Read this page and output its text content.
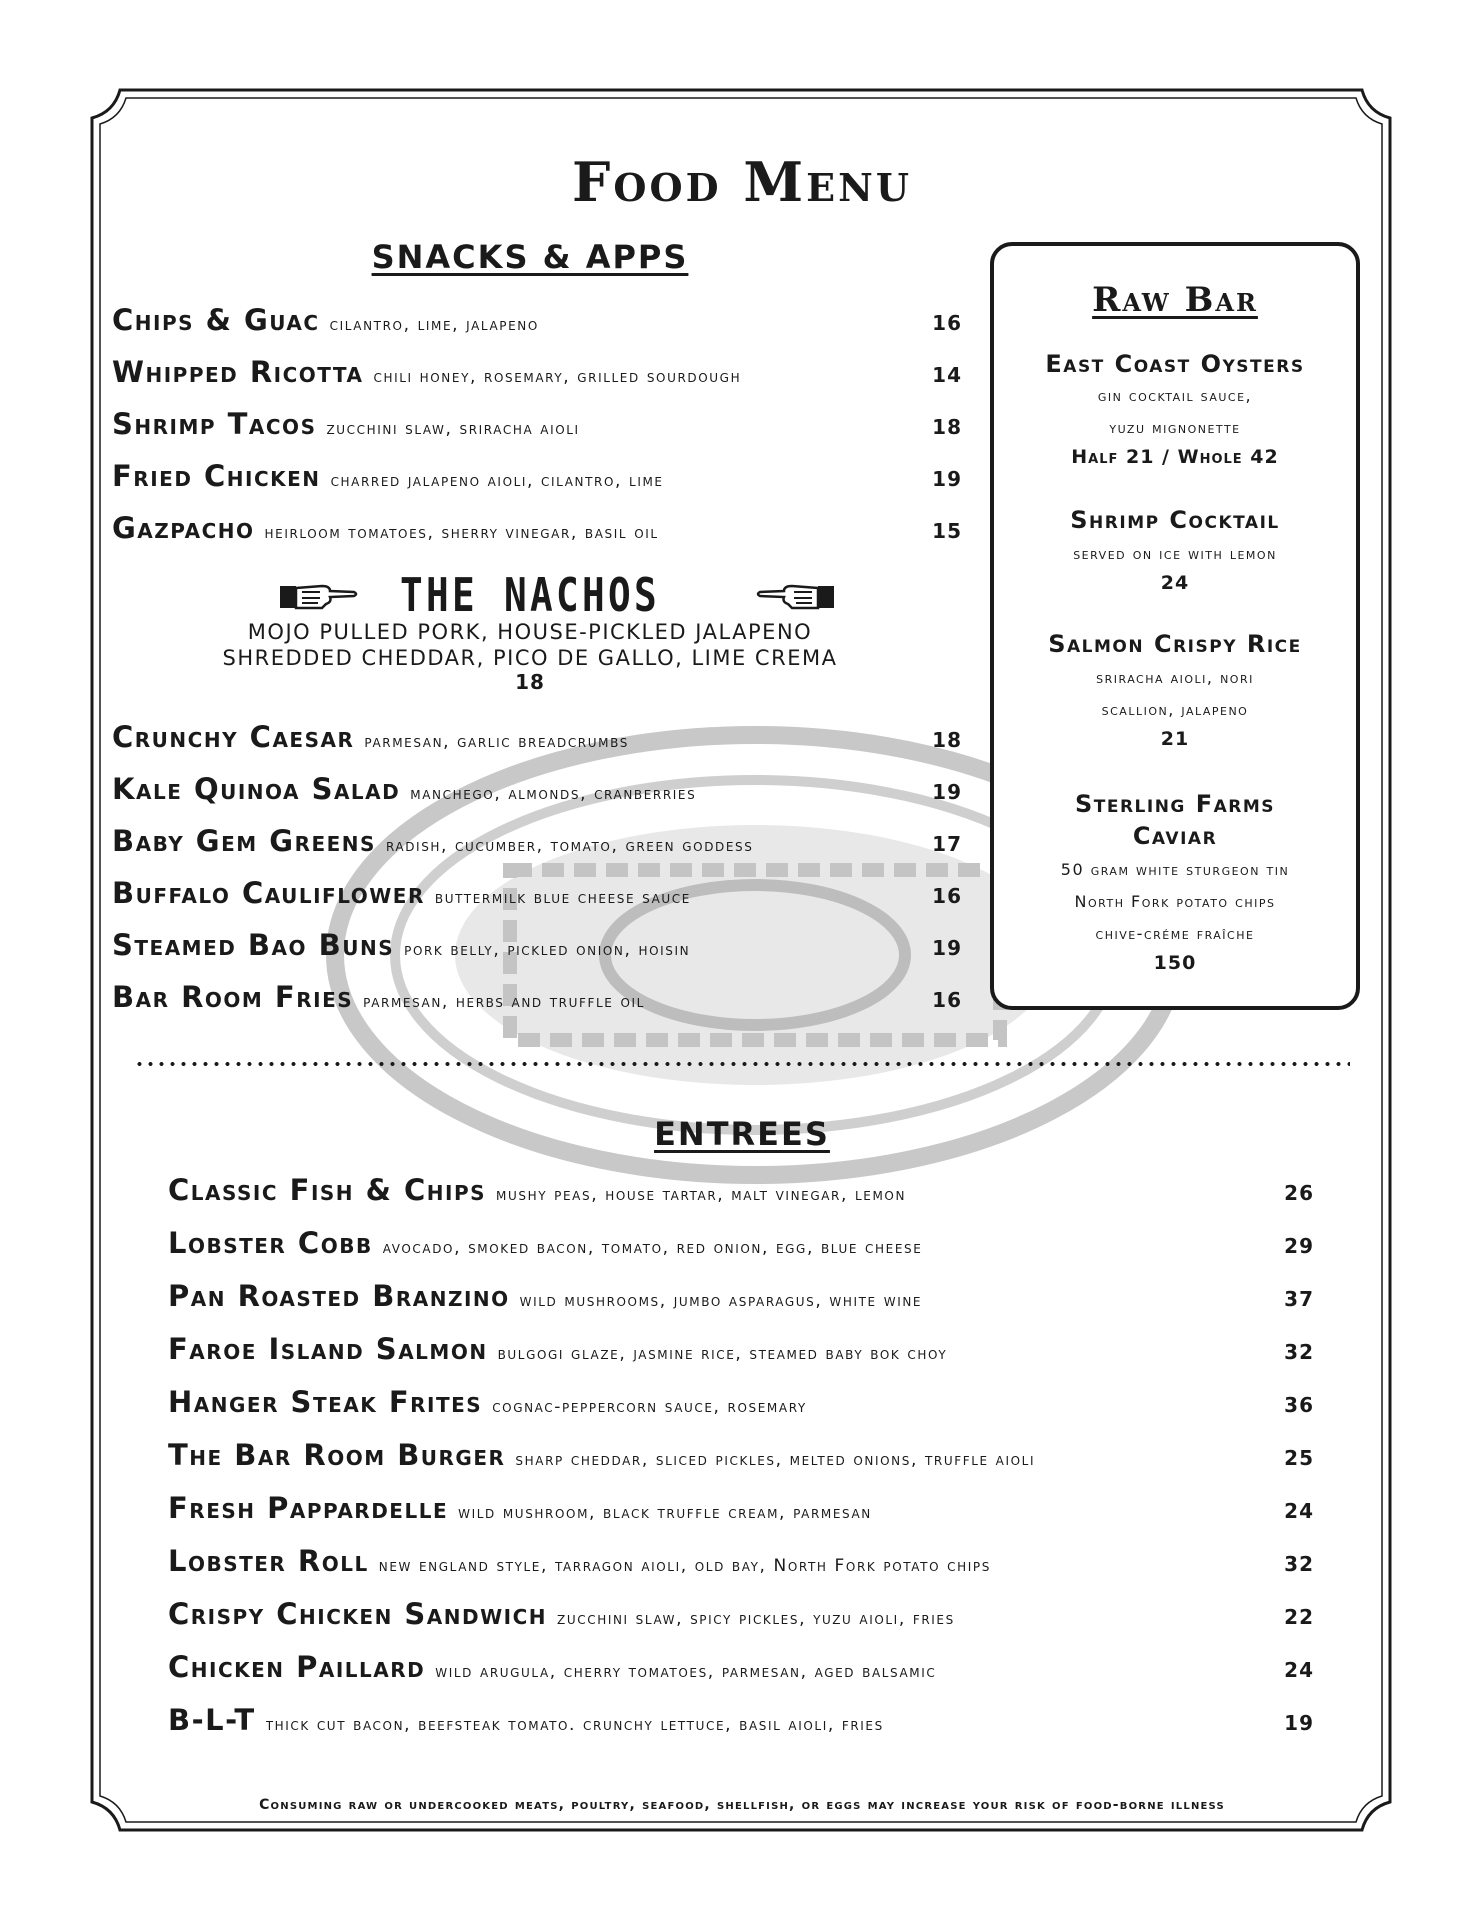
Food Menu
SNACKS & APPS
Chips & Guac cilantro, lime, jalapeno	16
Whipped Ricotta chili honey, rosemary, grilled sourdough	14
Shrimp Tacos zucchini slaw, sriracha aioli	18
Fried Chicken charred jalapeno aioli, cilantro, lime	19
Gazpacho heirloom tomatoes, sherry vinegar, basil oil	15
THE NACHOS
MOJO PULLED PORK, HOUSE-PICKLED JALAPENO
SHREDDED CHEDDAR, PICO DE GALLO, LIME CREMA
18
Crunchy Caesar parmesan, garlic breadcrumbs	18
Kale Quinoa Salad manchego, almonds, cranberries	19
Baby Gem Greens radish, cucumber, tomato, green goddess	17
Buffalo Cauliflower buttermilk blue cheese sauce	16
Steamed Bao Buns pork belly, pickled onion, hoisin	19
Bar Room Fries parmesan, herbs and truffle oil	16
Raw Bar
East Coast Oysters
gin cocktail sauce,
yuzu mignonette
Half 21 / Whole 42
Shrimp Cocktail
served on ice with lemon
24
Salmon Crispy Rice
sriracha aioli, nori
scallion, jalapeno
21
Sterling Farms
Caviar
50 gram white sturgeon tin
North Fork potato chips
chive-créme fraîche
150
ENTREES
Classic Fish & Chips mushy peas, house tartar, malt vinegar, lemon	26
Lobster Cobb avocado, smoked bacon, tomato, red onion, egg, blue cheese	29
Pan Roasted Branzino wild mushrooms, jumbo asparagus, white wine	37
Faroe Island Salmon bulgogi glaze, jasmine rice, steamed baby bok choy	32
Hanger Steak Frites cognac-peppercorn sauce, rosemary	36
The Bar Room Burger sharp cheddar, sliced pickles, melted onions, truffle aioli	25
Fresh Pappardelle wild mushroom, black truffle cream, parmesan	24
Lobster Roll new england style, tarragon aioli, old bay, North Fork potato chips	32
Crispy Chicken Sandwich zucchini slaw, spicy pickles, yuzu aioli, fries	22
Chicken Paillard wild arugula, cherry tomatoes, parmesan, aged balsamic	24
B-L-T thick cut bacon, beefsteak tomato. crunchy lettuce, basil aioli, fries	19
Consuming raw or undercooked meats, poultry, seafood, shellfish, or eggs may increase your risk of food-borne illness
